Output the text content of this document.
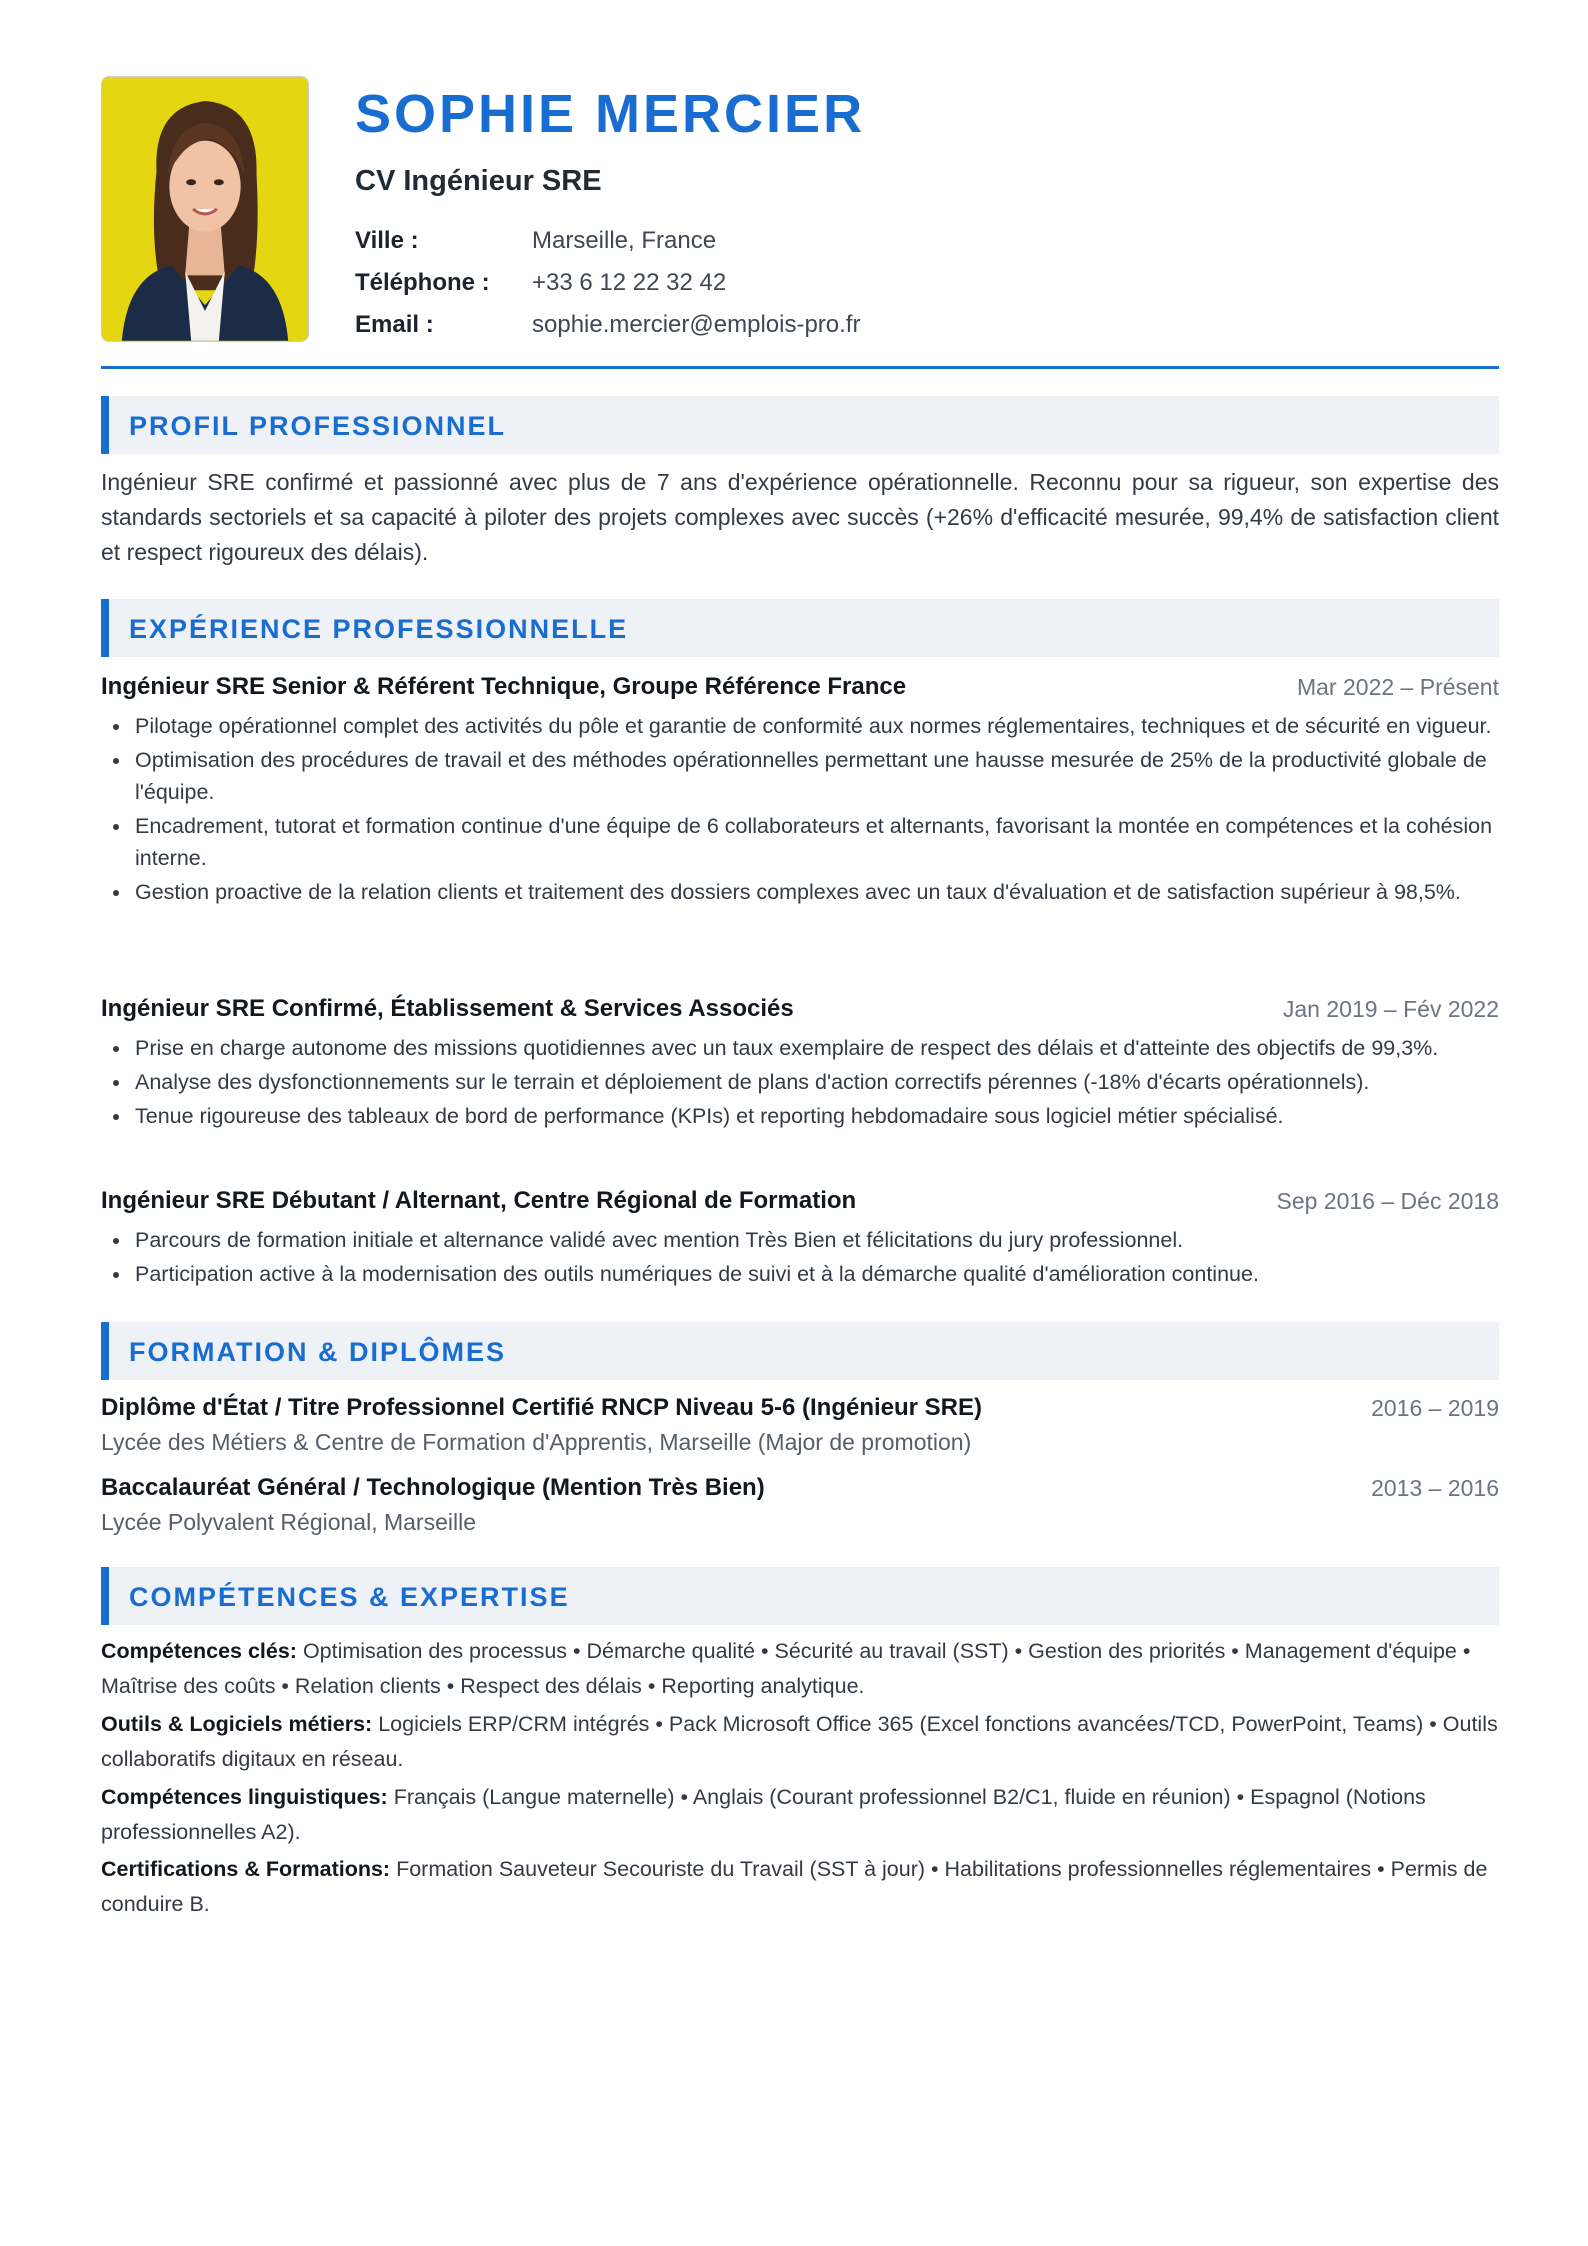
SOPHIE MERCIER
CV Ingénieur SRE
Ville :	Marseille, France
Téléphone :	+33 6 12 22 32 42
Email :	sophie.mercier@emplois-pro.fr
PROFIL PROFESSIONNEL
Ingénieur SRE confirmé et passionné avec plus de 7 ans d'expérience opérationnelle. Reconnu pour sa rigueur, son expertise des standards sectoriels et sa capacité à piloter des projets complexes avec succès (+26% d'efficacité mesurée, 99,4% de satisfaction client et respect rigoureux des délais).
EXPÉRIENCE PROFESSIONNELLE
Ingénieur SRE Senior & Référent Technique, Groupe Référence France	Mar 2022 – Présent
Pilotage opérationnel complet des activités du pôle et garantie de conformité aux normes réglementaires, techniques et de sécurité en vigueur.
Optimisation des procédures de travail et des méthodes opérationnelles permettant une hausse mesurée de 25% de la productivité globale de l'équipe.
Encadrement, tutorat et formation continue d'une équipe de 6 collaborateurs et alternants, favorisant la montée en compétences et la cohésion interne.
Gestion proactive de la relation clients et traitement des dossiers complexes avec un taux d'évaluation et de satisfaction supérieur à 98,5%.
Ingénieur SRE Confirmé, Établissement & Services Associés	Jan 2019 – Fév 2022
Prise en charge autonome des missions quotidiennes avec un taux exemplaire de respect des délais et d'atteinte des objectifs de 99,3%.
Analyse des dysfonctionnements sur le terrain et déploiement de plans d'action correctifs pérennes (-18% d'écarts opérationnels).
Tenue rigoureuse des tableaux de bord de performance (KPIs) et reporting hebdomadaire sous logiciel métier spécialisé.
Ingénieur SRE Débutant / Alternant, Centre Régional de Formation	Sep 2016 – Déc 2018
Parcours de formation initiale et alternance validé avec mention Très Bien et félicitations du jury professionnel.
Participation active à la modernisation des outils numériques de suivi et à la démarche qualité d'amélioration continue.
FORMATION & DIPLÔMES
Diplôme d'État / Titre Professionnel Certifié RNCP Niveau 5-6 (Ingénieur SRE)	2016 – 2019
Lycée des Métiers & Centre de Formation d'Apprentis, Marseille (Major de promotion)
Baccalauréat Général / Technologique (Mention Très Bien)	2013 – 2016
Lycée Polyvalent Régional, Marseille
COMPÉTENCES & EXPERTISE
Compétences clés: Optimisation des processus • Démarche qualité • Sécurité au travail (SST) • Gestion des priorités • Management d'équipe • Maîtrise des coûts • Relation clients • Respect des délais • Reporting analytique.
Outils & Logiciels métiers: Logiciels ERP/CRM intégrés • Pack Microsoft Office 365 (Excel fonctions avancées/TCD, PowerPoint, Teams) • Outils collaboratifs digitaux en réseau.
Compétences linguistiques: Français (Langue maternelle) • Anglais (Courant professionnel B2/C1, fluide en réunion) • Espagnol (Notions professionnelles A2).
Certifications & Formations: Formation Sauveteur Secouriste du Travail (SST à jour) • Habilitations professionnelles réglementaires • Permis de conduire B.
